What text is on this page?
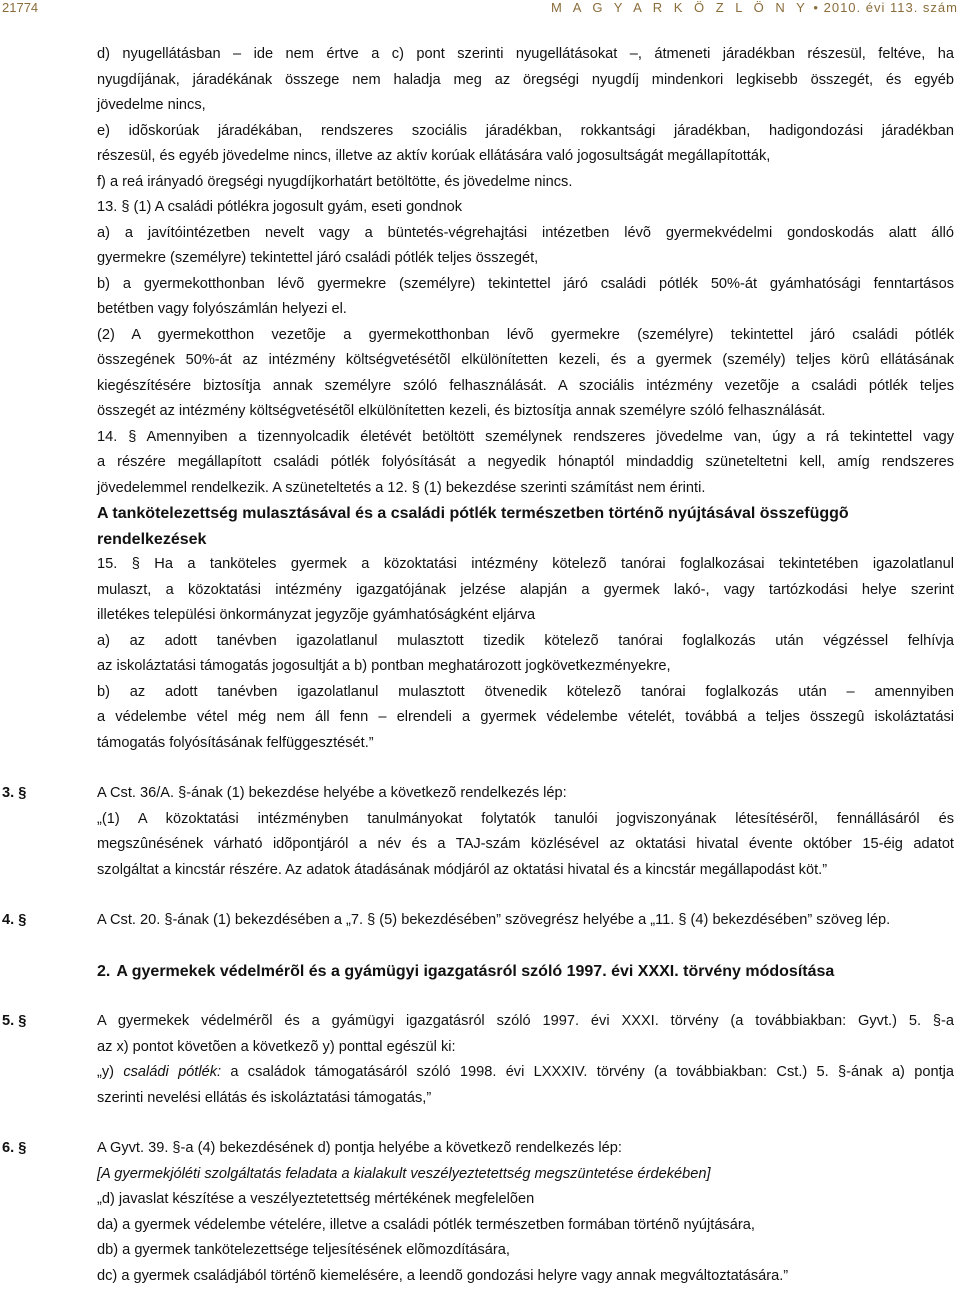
21774	M A G Y A R K Ö Z L Ö N Y • 2010. évi 113. szám

d) nyugellátásban – ide nem értve a c) pont szerinti nyugellátásokat –, átmeneti járadékban részesül, feltéve, ha

nyugdíjának, járadékának összege nem haladja meg az öregségi nyugdíj mindenkori legkisebb összegét, és egyéb

jövedelme nincs,

e) idõskorúak járadékában, rendszeres szociális járadékban, rokkantsági járadékban, hadigondozási járadékban

részesül, és egyéb jövedelme nincs, illetve az aktív korúak ellátására való jogosultságát megállapították,

f) a reá irányadó öregségi nyugdíjkorhatárt betöltötte, és jövedelme nincs.

13. § (1) A családi pótlékra jogosult gyám, eseti gondnok

a) a javítóintézetben nevelt vagy a büntetés-végrehajtási intézetben lévõ gyermekvédelmi gondoskodás alatt álló

gyermekre (személyre) tekintettel járó családi pótlék teljes összegét,

b) a gyermekotthonban lévõ gyermekre (személyre) tekintettel járó családi pótlék 50%-át gyámhatósági fenntartásos

betétben vagy folyószámlán helyezi el.

(2) A gyermekotthon vezetõje a gyermekotthonban lévõ gyermekre (személyre) tekintettel járó családi pótlék

összegének 50%-át az intézmény költségvetésétõl elkülönítetten kezeli, és a gyermek (személy) teljes körû ellátásának

kiegészítésére biztosítja annak személyre szóló felhasználását. A szociális intézmény vezetõje a családi pótlék teljes

összegét az intézmény költségvetésétõl elkülönítetten kezeli, és biztosítja annak személyre szóló felhasználását.

14. § Amennyiben a tizennyolcadik életévét betöltött személynek rendszeres jövedelme van, úgy a rá tekintettel vagy

a részére megállapított családi pótlék folyósítását a negyedik hónaptól mindaddig szüneteltetni kell, amíg rendszeres

jövedelemmel rendelkezik. A szüneteltetés a 12. § (1) bekezdése szerinti számítást nem érinti.

A tankötelezettség mulasztásával és a családi pótlék természetben történõ nyújtásával összefüggõ

rendelkezések

15. § Ha a tanköteles gyermek a közoktatási intézmény kötelezõ tanórai foglalkozásai tekintetében igazolatlanul

mulaszt, a közoktatási intézmény igazgatójának jelzése alapján a gyermek lakó-, vagy tartózkodási helye szerint

illetékes települési önkormányzat jegyzõje gyámhatóságként eljárva

a) az adott tanévben igazolatlanul mulasztott tizedik kötelezõ tanórai foglalkozás után végzéssel felhívja

az iskoláztatási támogatás jogosultját a b) pontban meghatározott jogkövetkezményekre,

b) az adott tanévben igazolatlanul mulasztott ötvenedik kötelezõ tanórai foglalkozás után – amennyiben

a védelembe vétel még nem áll fenn – elrendeli a gyermek védelembe vételét, továbbá a teljes összegû iskoláztatási

támogatás folyósításának felfüggesztését.”

3. §	A Cst. 36/A. §-ának (1) bekezdése helyébe a következõ rendelkezés lép:

„(1) A közoktatási intézményben tanulmányokat folytatók tanulói jogviszonyának létesítésérõl, fennállásáról és

megszûnésének várható idõpontjáról a név és a TAJ-szám közlésével az oktatási hivatal évente október 15-éig adatot

szolgáltat a kincstár részére. Az adatok átadásának módjáról az oktatási hivatal és a kincstár megállapodást köt.”

4. §	A Cst. 20. §-ának (1) bekezdésében a „7. § (5) bekezdésében” szövegrész helyébe a „11. § (4) bekezdésében” szöveg lép.

2. A gyermekek védelmérõl és a gyámügyi igazgatásról szóló 1997. évi XXXI. törvény módosítása

5. §	A gyermekek védelmérõl és a gyámügyi igazgatásról szóló 1997. évi XXXI. törvény (a továbbiakban: Gyvt.) 5. §-a

az x) pontot követõen a következõ y) ponttal egészül ki:

„y) családi pótlék: a családok támogatásáról szóló 1998. évi LXXXIV. törvény (a továbbiakban: Cst.) 5. §-ának a) pontja

szerinti nevelési ellátás és iskoláztatási támogatás,”

6. §	A Gyvt. 39. §-a (4) bekezdésének d) pontja helyébe a következõ rendelkezés lép:

[A gyermekjóléti szolgáltatás feladata a kialakult veszélyeztetettség megszüntetése érdekében]

„d) javaslat készítése a veszélyeztetettség mértékének megfelelõen

da) a gyermek védelembe vételére, illetve a családi pótlék természetben formában történõ nyújtására,

db) a gyermek tankötelezettsége teljesítésének elõmozdítására,

dc) a gyermek családjából történõ kiemelésére, a leendõ gondozási helyre vagy annak megváltoztatására.”
